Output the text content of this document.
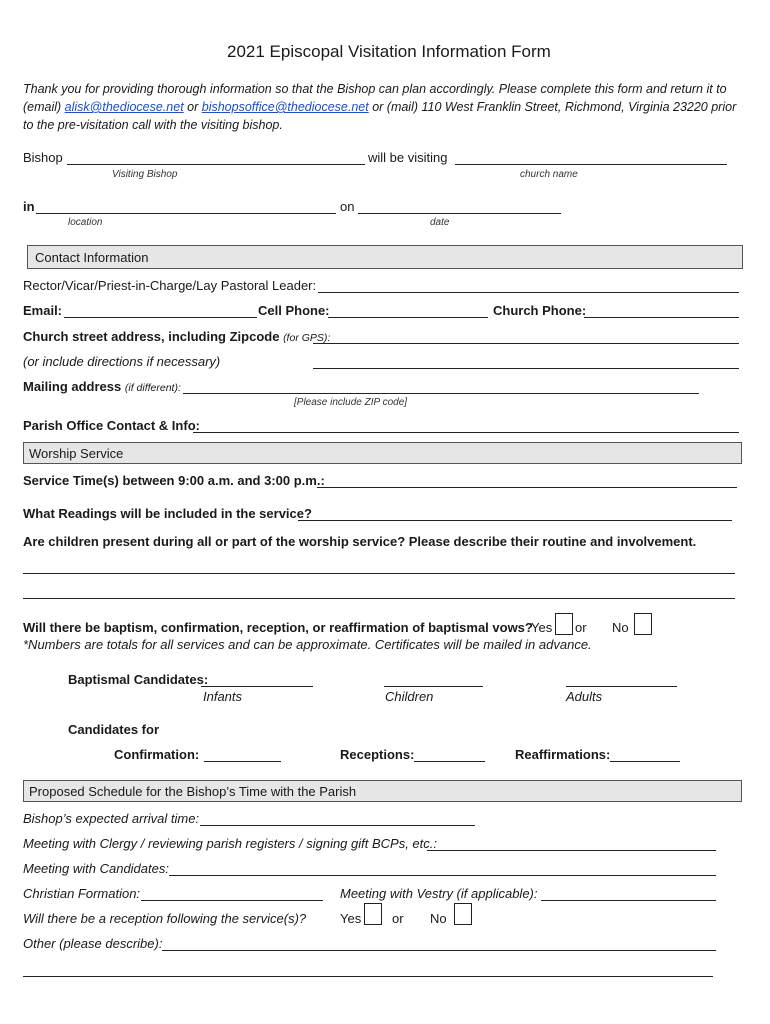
2021 Episcopal Visitation Information Form
Thank you for providing thorough information so that the Bishop can plan accordingly. Please complete this form and return it to (email) alisk@thediocese.net or bishopsoffice@thediocese.net or (mail) 110 West Franklin Street, Richmond, Virginia 23220 prior to the pre-visitation call with the visiting bishop.
Bishop	will be visiting
Visiting Bishop	church name
in	on
location	date
Contact Information
Rector/Vicar/Priest-in-Charge/Lay Pastoral Leader:
Email:	Cell Phone:	Church Phone:
Church street address, including Zipcode (for GPS):
(or include directions if necessary)
Mailing address (if different):
[Please include ZIP code]
Parish Office Contact & Info:
Worship Service
Service Time(s) between 9:00 a.m. and 3:00 p.m.:
What Readings will be included in the service?
Are children present during all or part of the worship service? Please describe their routine and involvement.
Will there be baptism, confirmation, reception, or reaffirmation of baptismal vows?
Yes or No
*Numbers are totals for all services and can be approximate. Certificates will be mailed in advance.
Baptismal Candidates:
Infants	Children	Adults
Candidates for
Confirmation:	Receptions:	Reaffirmations:
Proposed Schedule for the Bishop’s Time with the Parish
Bishop’s expected arrival time:
Meeting with Clergy / reviewing parish registers / signing gift BCPs, etc.:
Meeting with Candidates:
Christian Formation:	Meeting with Vestry (if applicable):
Will there be a reception following the service(s)?	Yes or No
Other (please describe):
